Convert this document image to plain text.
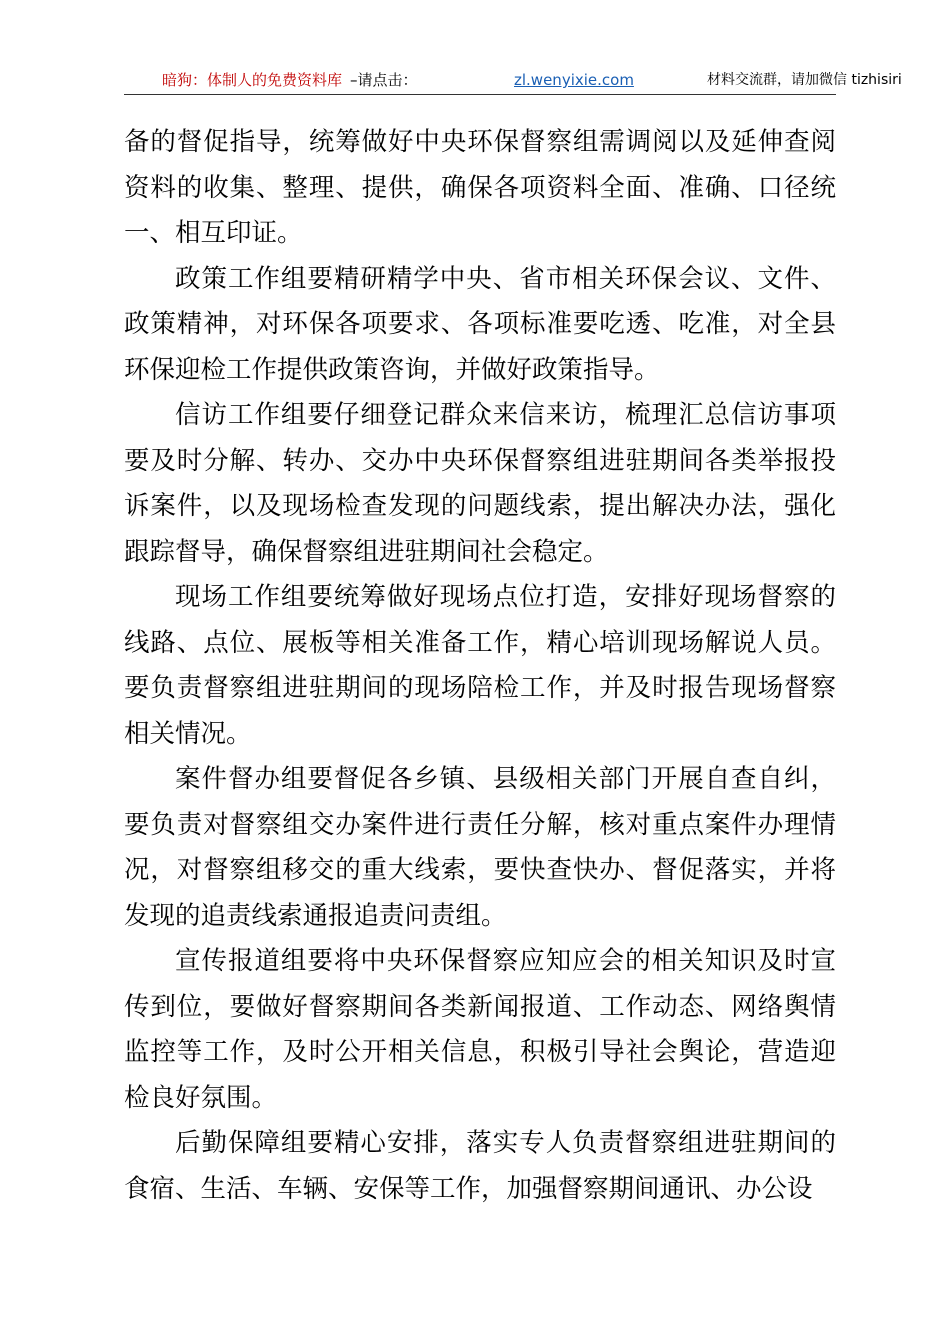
暗狗：体制人的免费资料库 –请点击：	zl.wenyixie.com	材料交流群，请加微信 tizhisiri

备的督促指导，统筹做好中央环保督察组需调阅以及延伸查阅资料的收集、整理、提供，确保各项资料全面、准确、口径统一、相互印证。

政策工作组要精研精学中央、省市相关环保会议、文件、政策精神，对环保各项要求、各项标准要吃透、吃准，对全县环保迎检工作提供政策咨询，并做好政策指导。

信访工作组要仔细登记群众来信来访，梳理汇总信访事项要及时分解、转办、交办中央环保督察组进驻期间各类举报投诉案件，以及现场检查发现的问题线索，提出解决办法，强化跟踪督导，确保督察组进驻期间社会稳定。

现场工作组要统筹做好现场点位打造，安排好现场督察的线路、点位、展板等相关准备工作，精心培训现场解说人员。要负责督察组进驻期间的现场陪检工作，并及时报告现场督察相关情况。

案件督办组要督促各乡镇、县级相关部门开展自查自纠，要负责对督察组交办案件进行责任分解，核对重点案件办理情况，对督察组移交的重大线索，要快查快办、督促落实，并将发现的追责线索通报追责问责组。

宣传报道组要将中央环保督察应知应会的相关知识及时宣传到位，要做好督察期间各类新闻报道、工作动态、网络舆情监控等工作，及时公开相关信息，积极引导社会舆论，营造迎检良好氛围。

后勤保障组要精心安排，落实专人负责督察组进驻期间的食宿、生活、车辆、安保等工作，加强督察期间通讯、办公设
